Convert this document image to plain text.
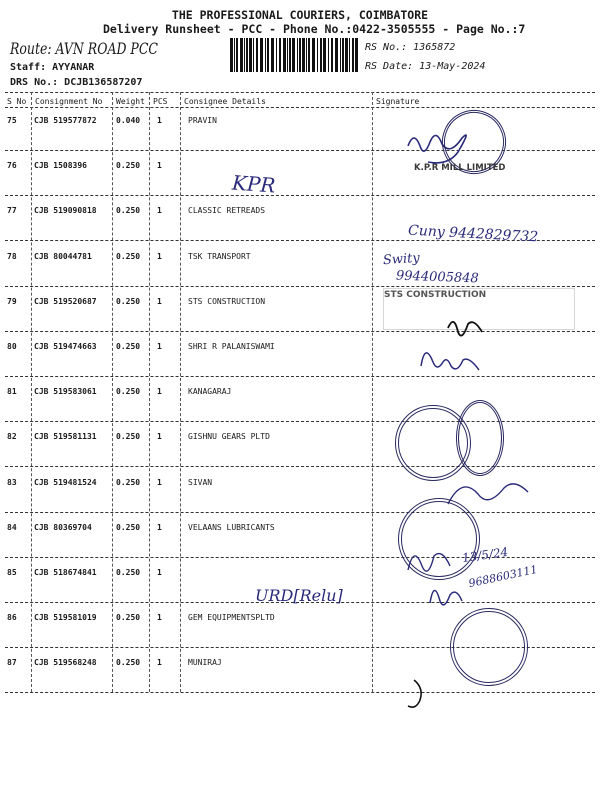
THE PROFESSIONAL COURIERS, COIMBATORE
Delivery Runsheet - PCC - Phone No.:0422-3505555 - Page No.:7
Route: AVN ROAD PCC
Staff: AYYANAR
DRS No.: DCJB136587207
RS No.: 1365872
RS Date: 13-May-2024
S No Consignment No Weight PCS Consignee Details	Signature
75 CJB 519577872 0.040 1	PRAVIN
76 CJB 1508396	0.250 1
77 CJB 519090818 0.250 1	CLASSIC RETREADS
78 CJB 80044781	0.250 1	TSK TRANSPORT
79 CJB 519520687 0.250 1	STS CONSTRUCTION
80 CJB 519474663 0.250 1	SHRI R PALANISWAMI
81 CJB 519583061 0.250 1	KANAGARAJ
82 CJB 519581131 0.250 1	GISHNU GEARS PLTD
83 CJB 519481524 0.250 1	SIVAN
84 CJB 80369704	0.250 1	VELAANS LUBRICANTS
85 CJB 518674841 0.250 1
86 CJB 519581019 0.250 1	GEM EQUIPMENTSPLTD
87 CJB 519568248 0.250 1	MUNIRAJ
KPR
K.P.R MILL LIMITED
Cuny 9442829732
Swity
9944005848
STS CONSTRUCTION
13/5/24
URD[Relu]
9688603111
